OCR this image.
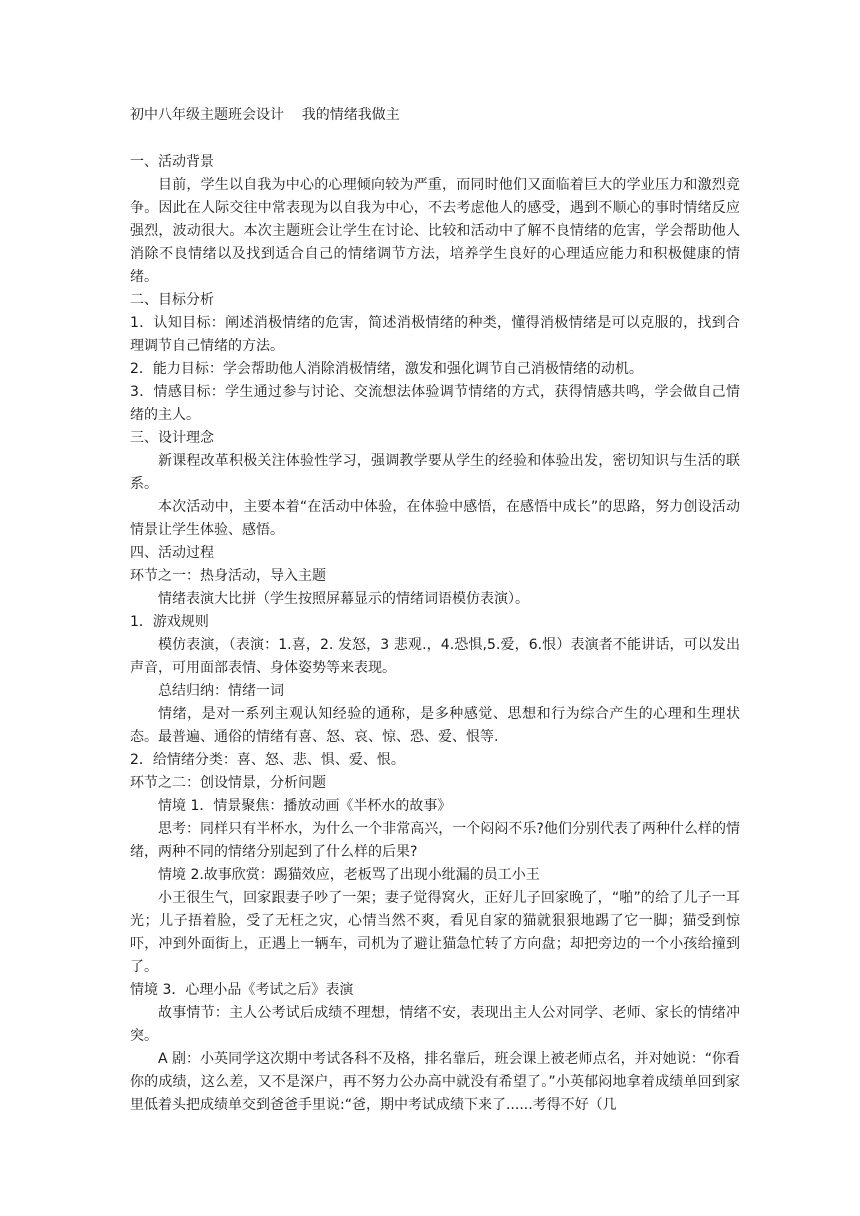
初中八年级主题班会设计    我的情绪我做主

一、活动背景

目前，学生以自我为中心的心理倾向较为严重，而同时他们又面临着巨大的学业压力和激烈竞争。因此在人际交往中常表现为以自我为中心，不去考虑他人的感受，遇到不顺心的事时情绪反应强烈，波动很大。本次主题班会让学生在讨论、比较和活动中了解不良情绪的危害，学会帮助他人消除不良情绪以及找到适合自己的情绪调节方法，培养学生良好的心理适应能力和积极健康的情绪。

二、目标分析

1．认知目标：阐述消极情绪的危害，简述消极情绪的种类，懂得消极情绪是可以克服的，找到合理调节自己情绪的方法。

2．能力目标：学会帮助他人消除消极情绪，激发和强化调节自己消极情绪的动机。

3．情感目标：学生通过参与讨论、交流想法体验调节情绪的方式，获得情感共鸣，学会做自己情绪的主人。

三、设计理念

新课程改革积极关注体验性学习，强调教学要从学生的经验和体验出发，密切知识与生活的联系。

本次活动中，主要本着“在活动中体验，在体验中感悟，在感悟中成长”的思路，努力创设活动情景让学生体验、感悟。

四、活动过程

环节之一：热身活动，导入主题

情绪表演大比拼（学生按照屏幕显示的情绪词语模仿表演）。

1．游戏规则

模仿表演，（表演：1.喜，2. 发怒，3 悲观.，4.恐惧,5.爱，6.恨）表演者不能讲话，可以发出声音，可用面部表情、身体姿势等来表现。

总结归纳：情绪一词

情绪，是对一系列主观认知经验的通称，是多种感觉、思想和行为综合产生的心理和生理状态。最普遍、通俗的情绪有喜、怒、哀、惊、恐、爱、恨等.

2．给情绪分类：喜、怒、悲、惧、爱、恨。

环节之二：创设情景，分析问题

情境 1．情景聚焦：播放动画《半杯水的故事》

思考：同样只有半杯水，为什么一个非常高兴，一个闷闷不乐?他们分别代表了两种什么样的情绪，两种不同的情绪分别起到了什么样的后果?

情境 2.故事欣赏：踢猫效应，老板骂了出现小纰漏的员工小王

小王很生气，回家跟妻子吵了一架；妻子觉得窝火，正好儿子回家晚了，“啪”的给了儿子一耳光；儿子捂着脸，受了无枉之灾，心情当然不爽，看见自家的猫就狠狠地踢了它一脚；猫受到惊吓，冲到外面街上，正遇上一辆车，司机为了避让猫急忙转了方向盘；却把旁边的一个小孩给撞到了。

情境 3．心理小品《考试之后》表演

故事情节：主人公考试后成绩不理想，情绪不安，表现出主人公对同学、老师、家长的情绪冲突。

A 剧：小英同学这次期中考试各科不及格，排名靠后，班会课上被老师点名，并对她说：“你看你的成绩，这么差，又不是深户，再不努力公办高中就没有希望了。”小英郁闷地拿着成绩单回到家里低着头把成绩单交到爸爸手里说:“爸，期中考试成绩下来了......考得不好（几
